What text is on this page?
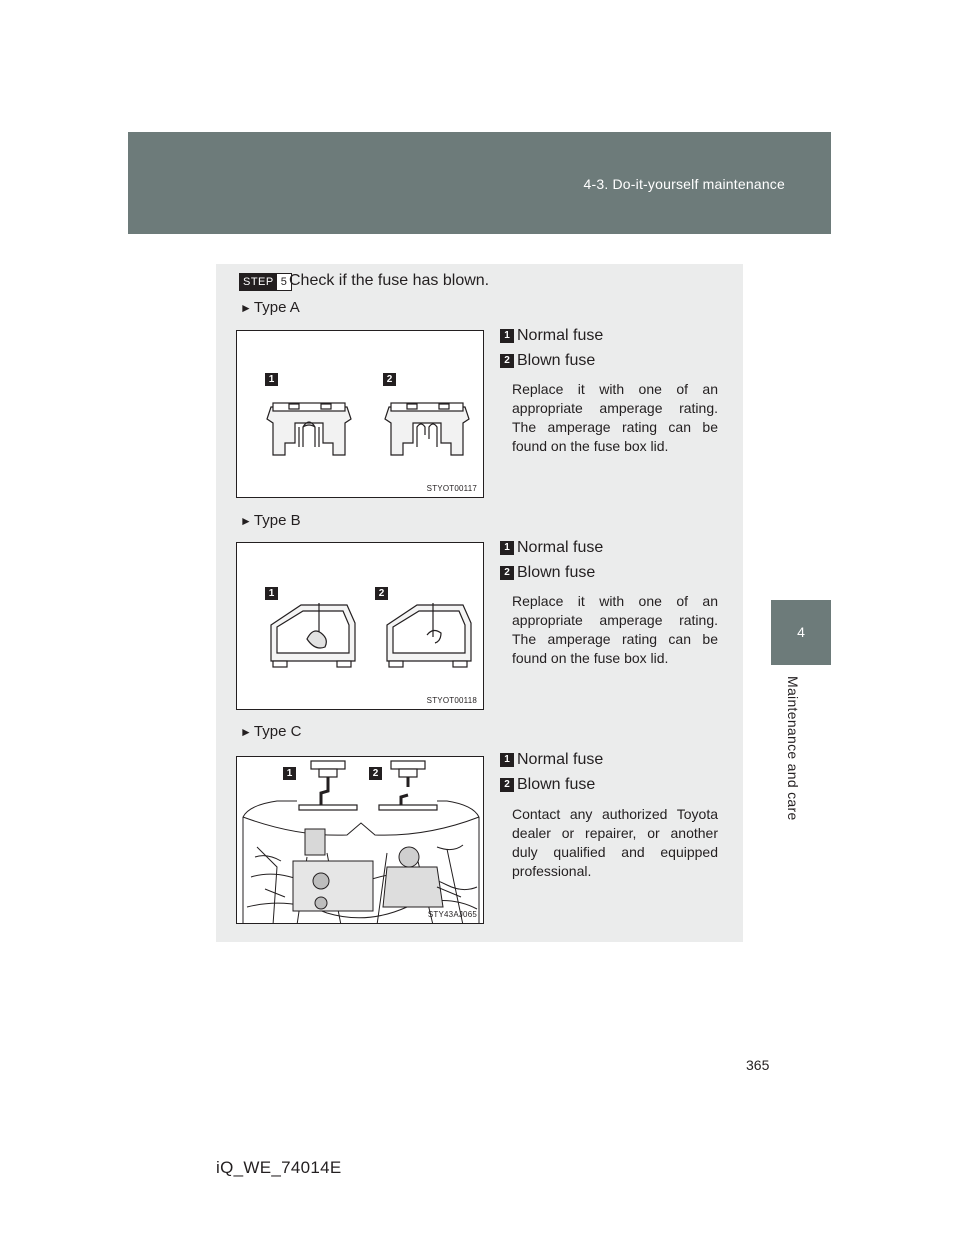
4-3. Do-it-yourself maintenance
4
Maintenance and care
STEP 5 Check if the fuse has blown.
► Type A
1	2
STYOT00117
1 Normal fuse
2 Blown fuse
Replace it with one of an appropriate amperage rating. The amperage rating can be found on the fuse box lid.
► Type B
1	2
STYOT00118
1 Normal fuse
2 Blown fuse
Replace it with one of an appropriate amperage rating. The amperage rating can be found on the fuse box lid.
► Type C
1	2
STY43AJ065
1 Normal fuse
2 Blown fuse
Contact any authorized Toyota dealer or repairer, or another duly qualified and equipped professional.
365
iQ_WE_74014E
